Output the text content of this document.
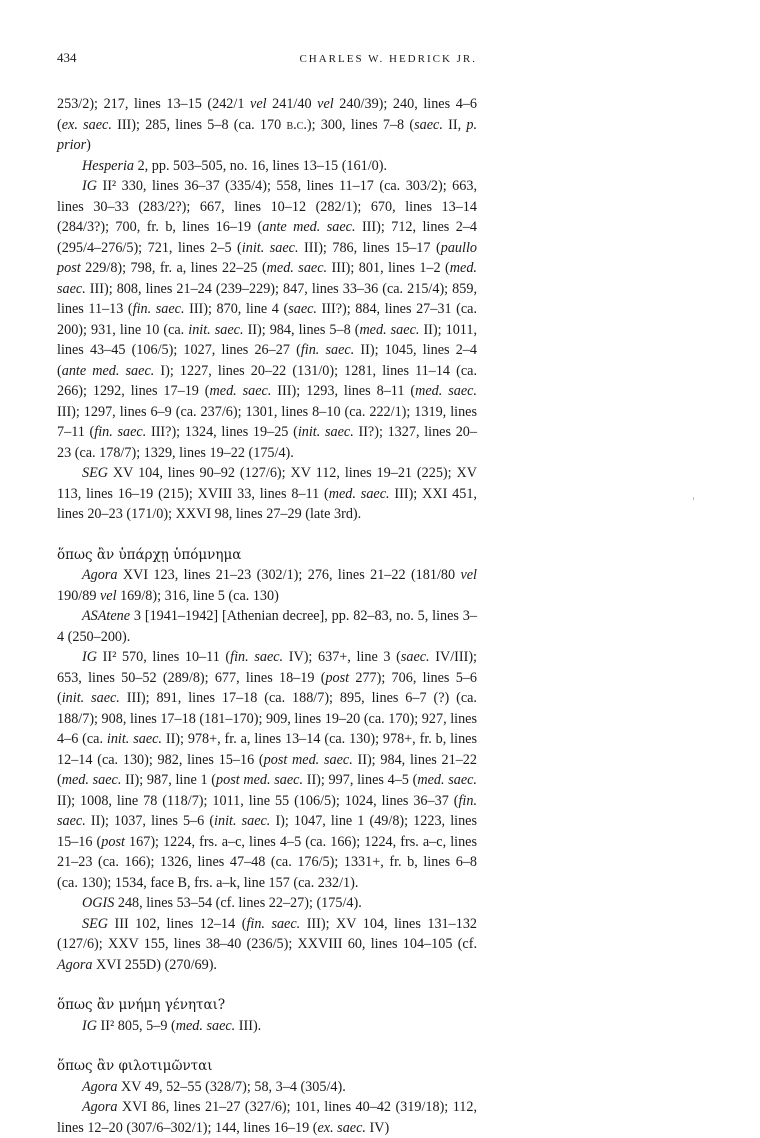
434	CHARLES W. HEDRICK JR.

253/2); 217, lines 13–15 (242/1 vel 241/40 vel 240/39); 240, lines 4–6 (ex. saec. III); 285, lines 5–8 (ca. 170 b.c.); 300, lines 7–8 (saec. II, p. prior)

Hesperia 2, pp. 503–505, no. 16, lines 13–15 (161/0).

IG II² 330, lines 36–37 (335/4); 558, lines 11–17 (ca. 303/2); 663, lines 30–33 (283/2?); 667, lines 10–12 (282/1); 670, lines 13–14 (284/3?); 700, fr. b, lines 16–19 (ante med. saec. III); 712, lines 2–4 (295/4–276/5); 721, lines 2–5 (init. saec. III); 786, lines 15–17 (paullo post 229/8); 798, fr. a, lines 22–25 (med. saec. III); 801, lines 1–2 (med. saec. III); 808, lines 21–24 (239–229); 847, lines 33–36 (ca. 215/4); 859, lines 11–13 (fin. saec. III); 870, line 4 (saec. III?); 884, lines 27–31 (ca. 200); 931, line 10 (ca. init. saec. II); 984, lines 5–8 (med. saec. II); 1011, lines 43–45 (106/5); 1027, lines 26–27 (fin. saec. II); 1045, lines 2–4 (ante med. saec. I); 1227, lines 20–22 (131/0); 1281, lines 11–14 (ca. 266); 1292, lines 17–19 (med. saec. III); 1293, lines 8–11 (med. saec. III); 1297, lines 6–9 (ca. 237/6); 1301, lines 8–10 (ca. 222/1); 1319, lines 7–11 (fin. saec. III?); 1324, lines 19–25 (init. saec. II?); 1327, lines 20–23 (ca. 178/7); 1329, lines 19–22 (175/4).

SEG XV 104, lines 90–92 (127/6); XV 112, lines 19–21 (225); XV 113, lines 16–19 (215); XVIII 33, lines 8–11 (med. saec. III); XXI 451, lines 20–23 (171/0); XXVI 98, lines 27–29 (late 3rd).

ὅπως ἂν ὑπάρχῃ ὑπόμνημα

Agora XVI 123, lines 21–23 (302/1); 276, lines 21–22 (181/80 vel 190/89 vel 169/8); 316, line 5 (ca. 130)

ASAtene 3 [1941–1942] [Athenian decree], pp. 82–83, no. 5, lines 3–4 (250–200).

IG II² 570, lines 10–11 (fin. saec. IV); 637+, line 3 (saec. IV/III); 653, lines 50–52 (289/8); 677, lines 18–19 (post 277); 706, lines 5–6 (init. saec. III); 891, lines 17–18 (ca. 188/7); 895, lines 6–7 (?) (ca. 188/7); 908, lines 17–18 (181–170); 909, lines 19–20 (ca. 170); 927, lines 4–6 (ca. init. saec. II); 978+, fr. a, lines 13–14 (ca. 130); 978+, fr. b, lines 12–14 (ca. 130); 982, lines 15–16 (post med. saec. II); 984, lines 21–22 (med. saec. II); 987, line 1 (post med. saec. II); 997, lines 4–5 (med. saec. II); 1008, line 78 (118/7); 1011, line 55 (106/5); 1024, lines 36–37 (fin. saec. II); 1037, lines 5–6 (init. saec. I); 1047, line 1 (49/8); 1223, lines 15–16 (post 167); 1224, frs. a–c, lines 4–5 (ca. 166); 1224, frs. a–c, lines 21–23 (ca. 166); 1326, lines 47–48 (ca. 176/5); 1331+, fr. b, lines 6–8 (ca. 130); 1534, face B, frs. a–k, line 157 (ca. 232/1).

OGIS 248, lines 53–54 (cf. lines 22–27); (175/4).

SEG III 102, lines 12–14 (fin. saec. III); XV 104, lines 131–132 (127/6); XXV 155, lines 38–40 (236/5); XXVIII 60, lines 104–105 (cf. Agora XVI 255D) (270/69).

ὅπως ἂν μνήμη γένηται?

IG II² 805, 5–9 (med. saec. III).

ὅπως ἂν φιλοτιμῶνται

Agora XV 49, 52–55 (328/7); 58, 3–4 (305/4).

Agora XVI 86, lines 21–27 (327/6); 101, lines 40–42 (319/18); 112, lines 12–20 (307/6–302/1); 144, lines 16–19 (ex. saec. IV)
